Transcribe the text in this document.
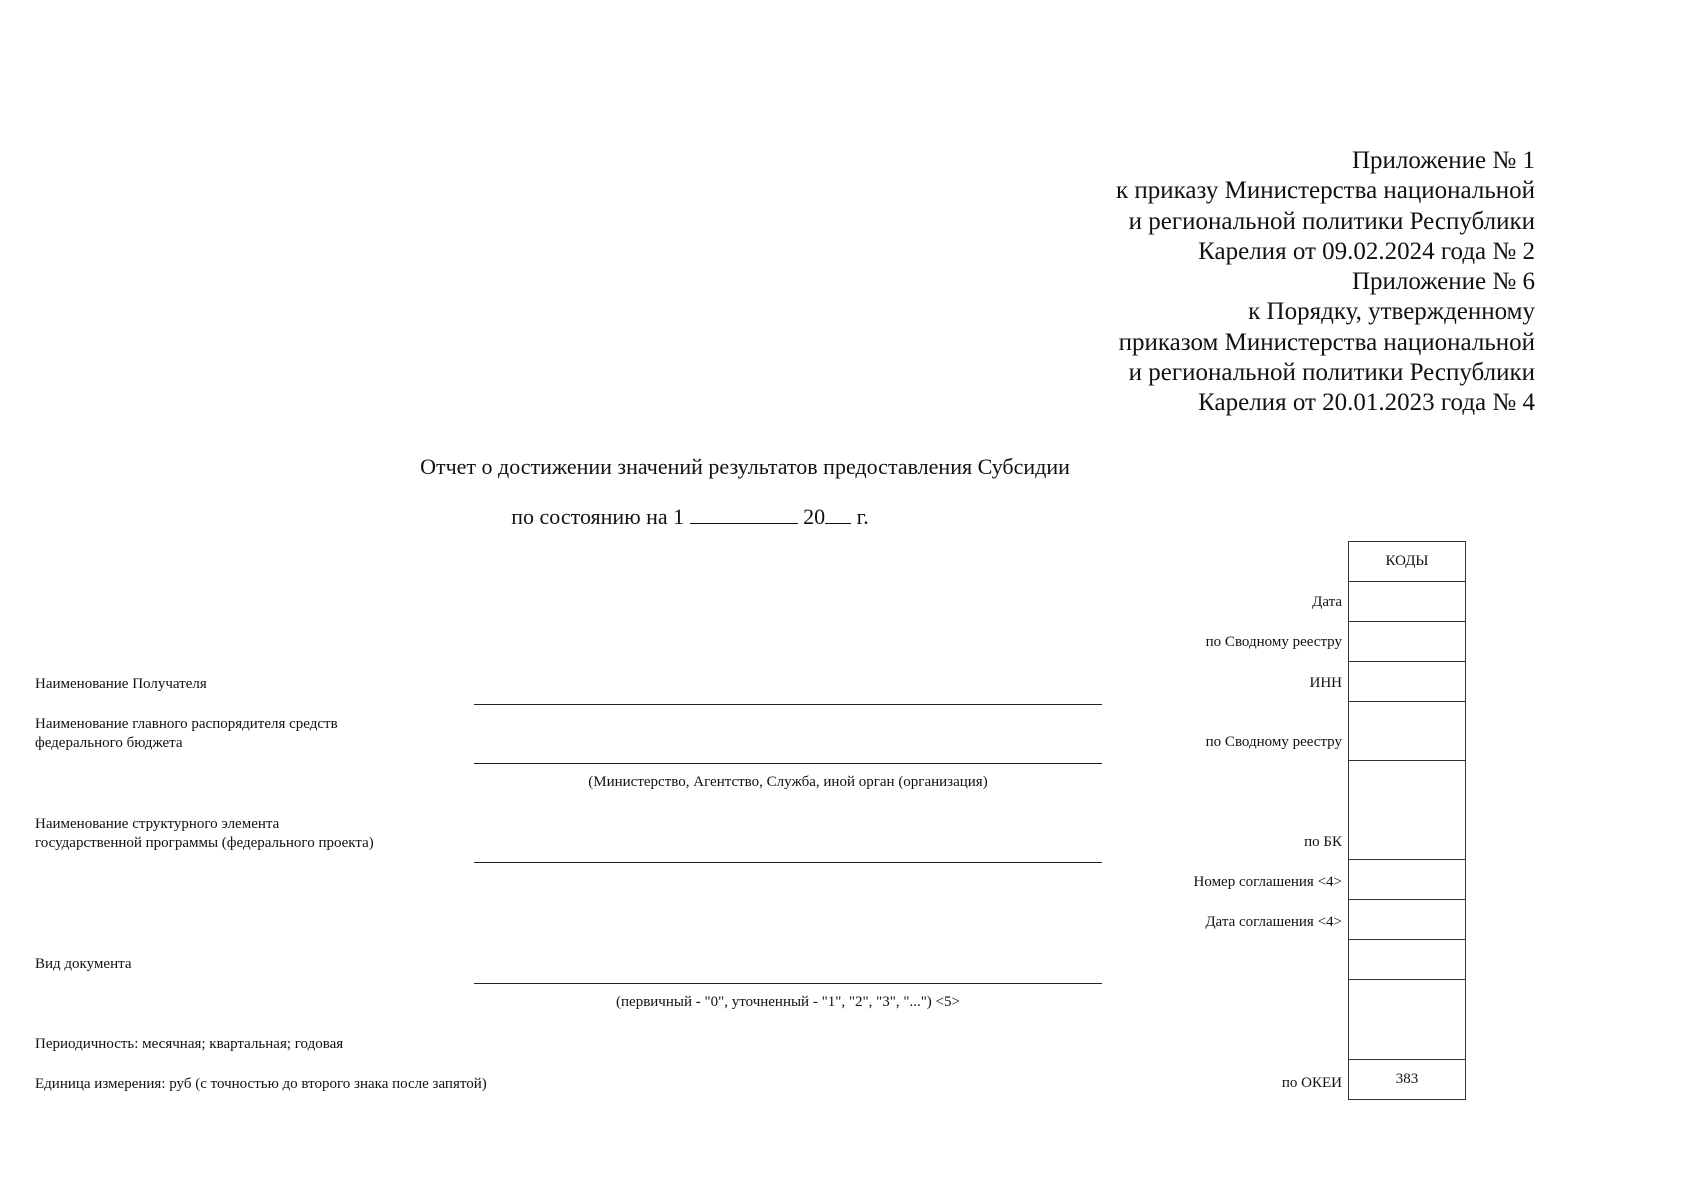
Приложение № 1
к приказу Министерства национальной
и региональной политики Республики
Карелия от 09.02.2024 года № 2
Приложение № 6
к Порядку, утвержденному
приказом Министерства национальной
и региональной политики Республики
Карелия от 20.01.2023 года № 4
Отчет о достижении значений результатов предоставления Субсидии
по состоянию на 1	20 г.
Наименование Получателя
Наименование главного распорядителя средств
федерального бюджета
(Министерство, Агентство, Служба, иной орган (организация)
Наименование структурного элемента
государственной программы (федерального проекта)
Вид документа
(первичный - "0", уточненный - "1", "2", "3", "...") <5>
Периодичность: месячная; квартальная; годовая
Единица измерения: руб (с точностью до второго знака после запятой)
Дата
по Сводному реестру
ИНН
по Сводному реестру
по БК
Номер соглашения <4>
Дата соглашения <4>
по ОКЕИ
КОДЫ
383
